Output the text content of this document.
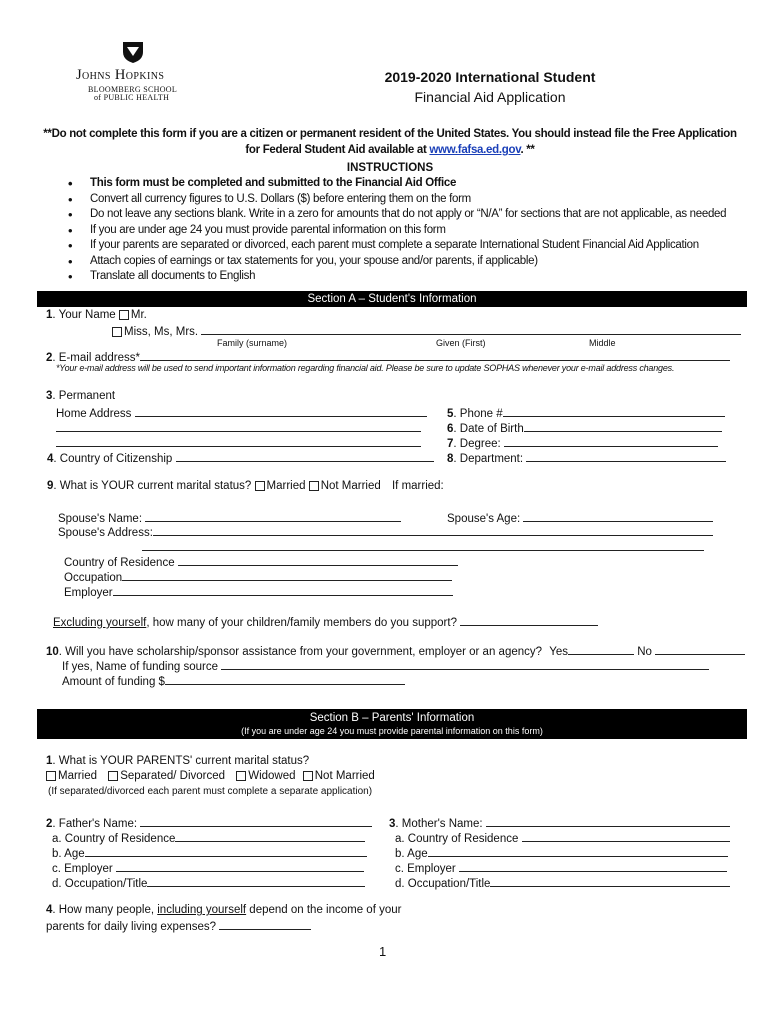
Johns Hopkins
BLOOMBERG SCHOOL
of PUBLIC HEALTH
2019-2020 International Student
Financial Aid Application
**Do not complete this form if you are a citizen or permanent resident of the United States. You should instead file the Free Application
for Federal Student Aid available at www.fafsa.ed.gov. **
INSTRUCTIONS
• This form must be completed and submitted to the Financial Aid Office
• Convert all currency figures to U.S. Dollars ($) before entering them on the form
• Do not leave any sections blank. Write in a zero for amounts that do not apply or “N/A” for sections that are not applicable, as needed
• If you are under age 24 you must provide parental information on this form
• If your parents are separated or divorced, each parent must complete a separate International Student Financial Aid Application
• Attach copies of earnings or tax statements for you, your spouse and/or parents, if applicable)
• Translate all documents to English
Section A – Student's Information
1. Your Name Mr.
Miss, Ms, Mrs.
Family (surname)	Given (First)	Middle
2. E-mail address*
*Your e-mail address will be used to send important information regarding financial aid. Please be sure to update SOPHAS whenever your e-mail address changes.
3. Permanent
Home Address
4. Country of Citizenship
5. Phone #
6. Date of Birth
7. Degree:
8. Department:
9. What is YOUR current marital status? Married Not Married If married:
Spouse's Name:	Spouse's Age:
Spouse's Address:
Country of Residence
Occupation
Employer
Excluding yourself, how many of your children/family members do you support?
10. Will you have scholarship/sponsor assistance from your government, employer or an agency? Yes	No
If yes, Name of funding source
Amount of funding $
Section B – Parents' Information
(If you are under age 24 you must provide parental information on this form)
1. What is YOUR PARENTS' current marital status?
Married Separated/ Divorced Widowed Not Married
(If separated/divorced each parent must complete a separate application)
2. Father's Name:
a. Country of Residence
b. Age
c. Employer
d. Occupation/Title
3. Mother's Name:
a. Country of Residence
b. Age
c. Employer
d. Occupation/Title
4. How many people, including yourself depend on the income of your
parents for daily living expenses?
1
